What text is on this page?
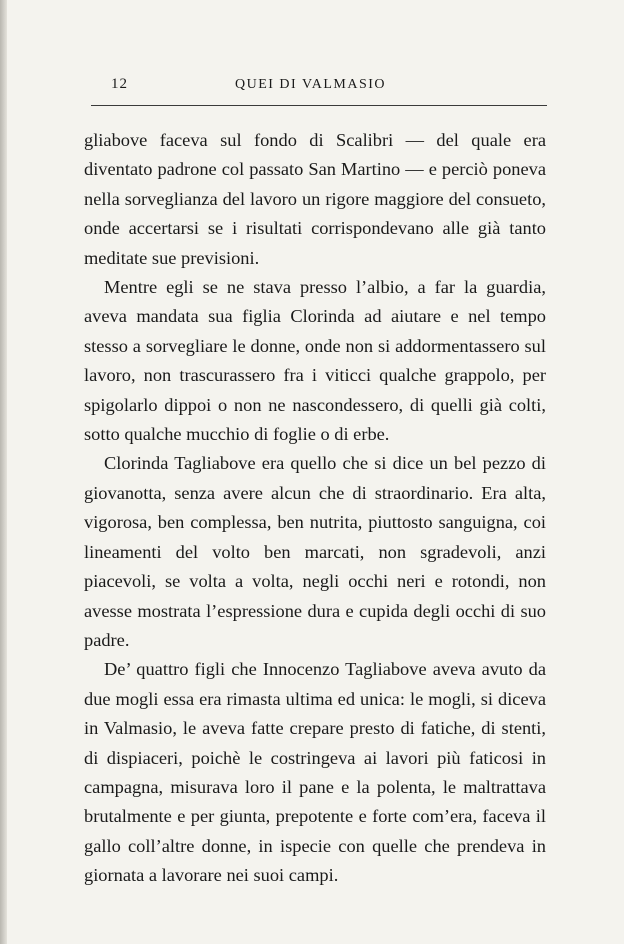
12	QUEI DI VALMASIO

gliabove faceva sul fondo di Scalibri — del quale era diventato padrone col passato San Martino — e perciò poneva nella sorveglianza del lavoro un rigore maggiore del consueto, onde accertarsi se i risultati corrispondevano alle già tanto meditate sue previsioni.

Mentre egli se ne stava presso l’albio, a far la guardia, aveva mandata sua figlia Clorinda ad aiutare e nel tempo stesso a sorvegliare le donne, onde non si addormentassero sul lavoro, non trascurassero fra i viticci qualche grappolo, per spigolarlo dippoi o non ne nascondessero, di quelli già colti, sotto qualche mucchio di foglie o di erbe.

Clorinda Tagliabove era quello che si dice un bel pezzo di giovanotta, senza avere alcun che di straordinario. Era alta, vigorosa, ben complessa, ben nutrita, piuttosto sanguigna, coi lineamenti del volto ben marcati, non sgradevoli, anzi piacevoli, se volta a volta, negli occhi neri e rotondi, non avesse mostrata l’espressione dura e cupida degli occhi di suo padre.

De’ quattro figli che Innocenzo Tagliabove aveva avuto da due mogli essa era rimasta ultima ed unica: le mogli, si diceva in Valmasio, le aveva fatte crepare presto di fatiche, di stenti, di dispiaceri, poichè le costringeva ai lavori più faticosi in campagna, misurava loro il pane e la polenta, le maltrattava brutalmente e per giunta, prepotente e forte com’era, faceva il gallo coll’altre donne, in ispecie con quelle che prendeva in giornata a lavorare nei suoi campi.
